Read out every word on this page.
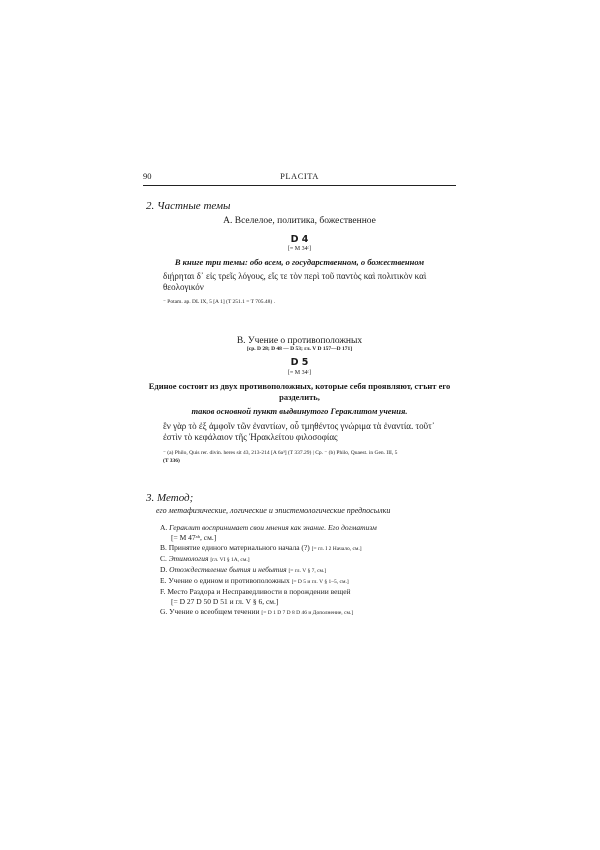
90	PLACITA
2. Частные темы
A. Вселелое, политика, божественное
D 4
[= M 34ᶜ]
В книге три темы: обо всем, о государственном, о божественном
διῄρηται δ᾽ εἰς τρεῖς λόγους, εἴς τε τὸν περὶ τοῦ παντὸς καὶ πολιτικὸν καὶ
θεολογικόν
⁻ Potam. ap. DL IX, 5 [A 1] (T 251.1 = T 705.48) .
B. Учение о противоположных
[cp. D 28; D 48 — D 53; гл. V D 157—D 171]
D 5
[= M 34ᶜ]
Единое состоит из двух противоположных, которые себя проявляют, стънт его
разделить,
таков основной пункт выдвинутого Гераклитом учения.
ἓν γὰρ τὸ ἐξ ἀμφοῖν τῶν ἐναντίων, οὗ τμηθέντος γνώριμα τὰ ἐναντία. τοῦτ᾽
ἐστὶν τὸ κεφάλαιον τῆς Ἡρακλείτου φιλοσοφίας
⁻ (a) Philo, Quis rer. divin. heres sit 43, 213-214 [A 6a³] (T 337.29) | Cp. ⁻ (b) Philo, Quaest. in Gen. III, 5
(T 336)
3. Метод;
его метафизические, логические и эпистемологические предпосылки
A. Гераклит воспринимает свои мнения как знание. Его догматизм
[= M 47ᵃᵇ, см.]
B. Принятие единого материального начала (?) [= гл. I 2 Начало, см.]
C. Этимология [гл. VI § 1A, см.]
D. Отождествление бытия и небытия [= гл. V § 7, см.]
E. Учение о едином и противоположных [= D 5 и гл. V § 1–5, см.]
F. Место Раздора и Несправедливости в порождении вещей
[= D 27 D 50 D 51 и гл. V § 6, см.]
G. Учение о всеобщем течении [= D 1 D 7 D 8 D 46 и Дополнение, см.]
